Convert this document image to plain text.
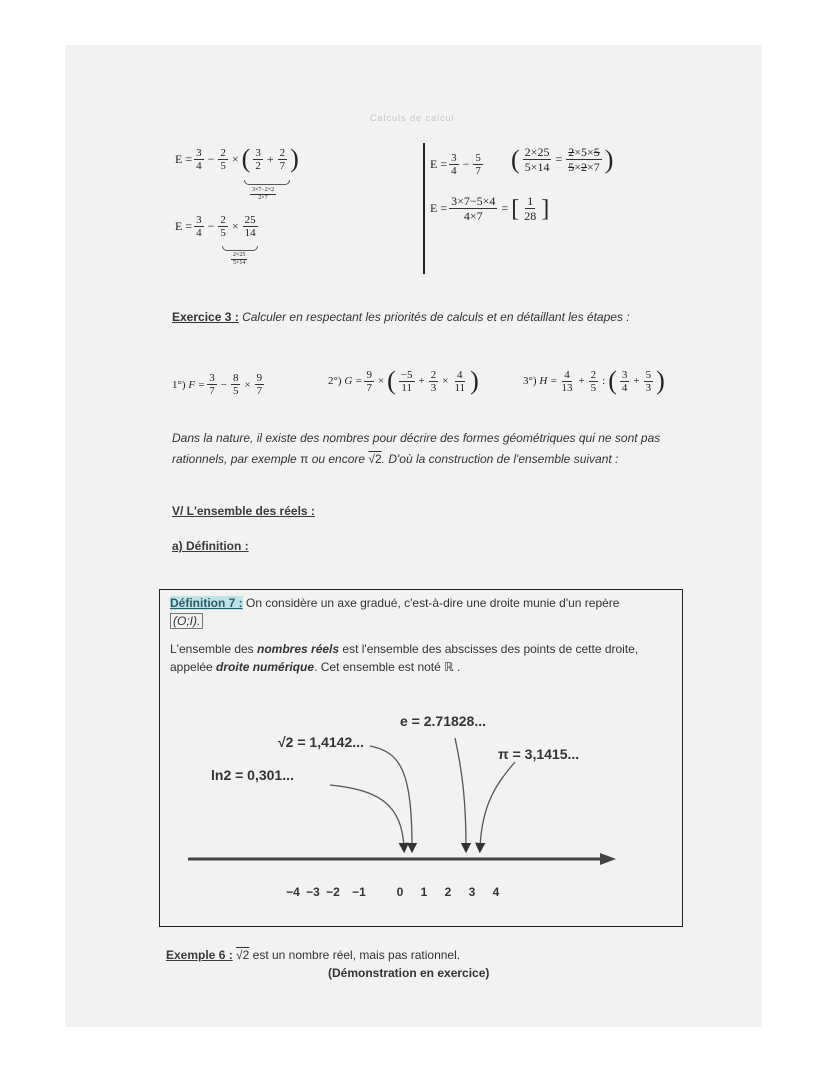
Calculs de calcul
$E = \frac{3}{4} - \frac{2}{5}$ × ( 3
$2 + \frac{2}{7}$ )
3×7−2×2
2×7
$E = \frac{3}{4} - \frac{2}{5} \times \frac{25}{14}$
2×25
5×14
$E = \frac{3}{4} - \frac{5}{7}$ ( $\frac{2\times 25}{5\times 14} = \frac{2\times 5\times 5}{5\times 2\times 7}$ )
$E = \frac{3\times 7-5\times 4}{4\times 7}$ = [ 1
28 ]
Exercice 3 : Calculer en respectant les priorités de calculs et en détaillant les étapes :
1°)
$F = \frac{3}{7} - \frac{8}{5} \times \frac{9}{7}$	2°)
$G = \frac{9}{7}$ × ( −5
11
+ $\frac{2}{3} \times \frac{4}{11}$ )	3°)
$H = \frac{4}{13} + \frac{2}{5}$ : ( 3
4
+ $\frac{5}{3}$ )
Dans la nature, il existe des nombres pour décrire des formes géométriques qui ne sont pas rationnels, par exemple π ou encore √2. D'où la construction de l'ensemble suivant :
V/ L'ensemble des réels :
a) Définition :
Définition 7 : On considère un axe gradué, c'est-à-dire une droite munie d'un repère
(O;I).

L'ensemble des nombres réels est l'ensemble des abscisses des points de cette droite, appelée droite numérique. Cet ensemble est noté ℝ .
e = 2.71828...
√2 = 1,4142...
π = 3,1415...
ln2 = 0,301...
−4 −3 −2 −1	0 1 2 3 4
Exemple 6 : √2 est un nombre réel, mais pas rationnel.
(Démonstration en exercice)
